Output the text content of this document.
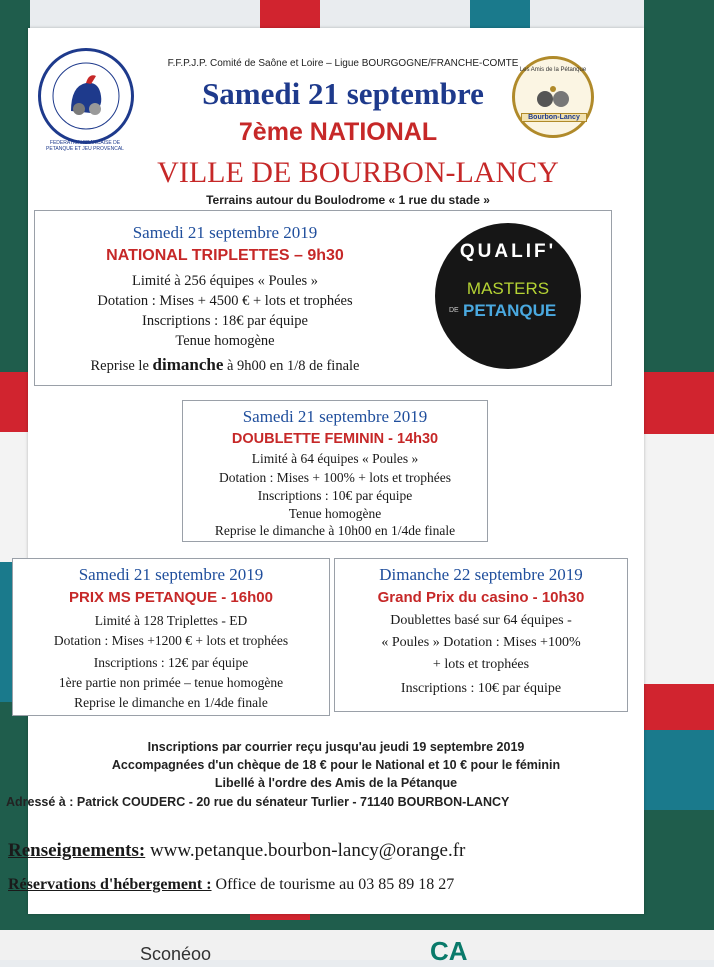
Sconéoo	CA
FEDERATION FRANCAISE DE PETANQUE ET JEU PROVENCAL
Les Amis de la Pétanque
Bourbon-Lancy
F.F.P.J.P. Comité de Saône et Loire – Ligue BOURGOGNE/FRANCHE-COMTE
Samedi 21 septembre
7ème NATIONAL
VILLE DE BOURBON-LANCY
Terrains autour du Boulodrome « 1 rue du stade »
Samedi 21 septembre 2019
NATIONAL TRIPLETTES – 9h30
Limité à 256 équipes « Poules »
Dotation : Mises + 4500 € + lots et trophées
Inscriptions : 18€ par équipe
Tenue homogène
Reprise le dimanche à 9h00 en 1/8 de finale
QUALIF'
MASTERS
DE PETANQUE
Samedi 21 septembre 2019
DOUBLETTE FEMININ - 14h30
Limité à 64 équipes « Poules »
Dotation : Mises + 100% + lots et trophées
Inscriptions : 10€ par équipe
Tenue homogène
Reprise le dimanche à 10h00 en 1/4de finale
Samedi 21 septembre 2019
PRIX MS PETANQUE - 16h00
Limité à 128 Triplettes - ED
Dotation : Mises +1200 € + lots et trophées
Inscriptions : 12€ par équipe
1ère partie non primée – tenue homogène
Reprise le dimanche en 1/4de finale
Dimanche 22 septembre 2019
Grand Prix du casino - 10h30
Doublettes basé sur 64 équipes -
« Poules » Dotation : Mises +100%
+ lots et trophées
Inscriptions : 10€ par équipe
Inscriptions par courrier reçu jusqu'au jeudi 19 septembre 2019
Accompagnées d'un chèque de 18 € pour le National et 10 € pour le féminin
Libellé à l'ordre des Amis de la Pétanque
Adressé à : Patrick COUDERC - 20 rue du sénateur Turlier - 71140 BOURBON-LANCY
Renseignements: www.petanque.bourbon-lancy@orange.fr
Réservations d'hébergement : Office de tourisme au 03 85 89 18 27
